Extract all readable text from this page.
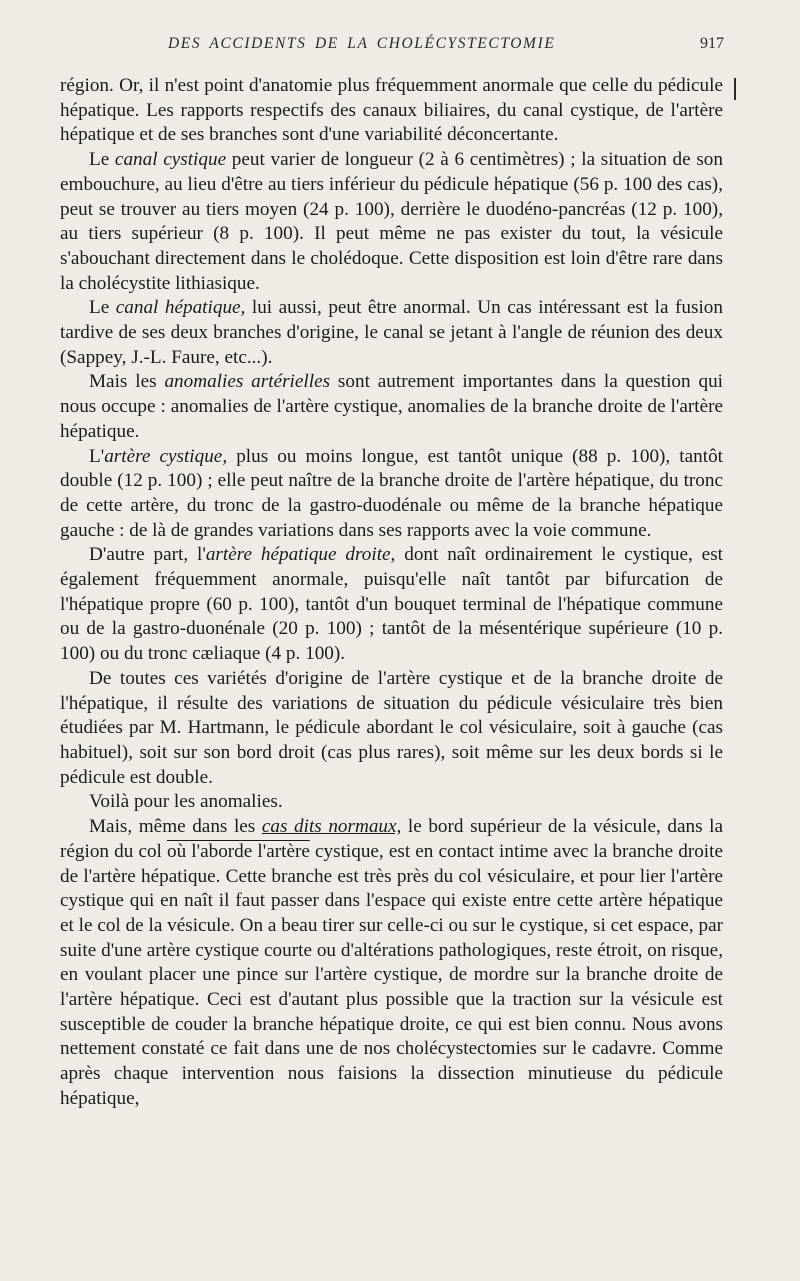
DES ACCIDENTS DE LA CHOLÉCYSTECTOMIE	917

région. Or, il n'est point d'anatomie plus fréquemment anormale que celle du pédicule hépatique. Les rapports respectifs des canaux biliaires, du canal cystique, de l'artère hépatique et de ses branches sont d'une variabilité déconcertante.

Le canal cystique peut varier de longueur (2 à 6 centimètres) ; la situation de son embouchure, au lieu d'être au tiers inférieur du pédicule hépatique (56 p. 100 des cas), peut se trouver au tiers moyen (24 p. 100), derrière le duodéno-pancréas (12 p. 100), au tiers supérieur (8 p. 100). Il peut même ne pas exister du tout, la vésicule s'abouchant directement dans le cholédoque. Cette disposition est loin d'être rare dans la cholécystite lithiasique.

Le canal hépatique, lui aussi, peut être anormal. Un cas intéressant est la fusion tardive de ses deux branches d'origine, le canal se jetant à l'angle de réunion des deux (Sappey, J.-L. Faure, etc...).

Mais les anomalies artérielles sont autrement importantes dans la question qui nous occupe : anomalies de l'artère cystique, anomalies de la branche droite de l'artère hépatique.

L'artère cystique, plus ou moins longue, est tantôt unique (88 p. 100), tantôt double (12 p. 100) ; elle peut naître de la branche droite de l'artère hépatique, du tronc de cette artère, du tronc de la gastro-duodénale ou même de la branche hépatique gauche : de là de grandes variations dans ses rapports avec la voie commune.

D'autre part, l'artère hépatique droite, dont naît ordinairement le cystique, est également fréquemment anormale, puisqu'elle naît tantôt par bifurcation de l'hépatique propre (60 p. 100), tantôt d'un bouquet terminal de l'hépatique commune ou de la gastro-duonénale (20 p. 100) ; tantôt de la mésentérique supérieure (10 p. 100) ou du tronc cæliaque (4 p. 100).

De toutes ces variétés d'origine de l'artère cystique et de la branche droite de l'hépatique, il résulte des variations de situation du pédicule vésiculaire très bien étudiées par M. Hartmann, le pédicule abordant le col vésiculaire, soit à gauche (cas habituel), soit sur son bord droit (cas plus rares), soit même sur les deux bords si le pédicule est double.

Voilà pour les anomalies.

Mais, même dans les cas dits normaux, le bord supérieur de la vésicule, dans la région du col où l'aborde l'artère cystique, est en contact intime avec la branche droite de l'artère hépatique. Cette branche est très près du col vésiculaire, et pour lier l'artère cystique qui en naît il faut passer dans l'espace qui existe entre cette artère hépatique et le col de la vésicule. On a beau tirer sur celle-ci ou sur le cystique, si cet espace, par suite d'une artère cystique courte ou d'altérations pathologiques, reste étroit, on risque, en voulant placer une pince sur l'artère cystique, de mordre sur la branche droite de l'artère hépatique. Ceci est d'autant plus possible que la traction sur la vésicule est susceptible de couder la branche hépatique droite, ce qui est bien connu. Nous avons nettement constaté ce fait dans une de nos cholécystectomies sur le cadavre. Comme après chaque intervention nous faisions la dissection minutieuse du pédicule hépatique,
